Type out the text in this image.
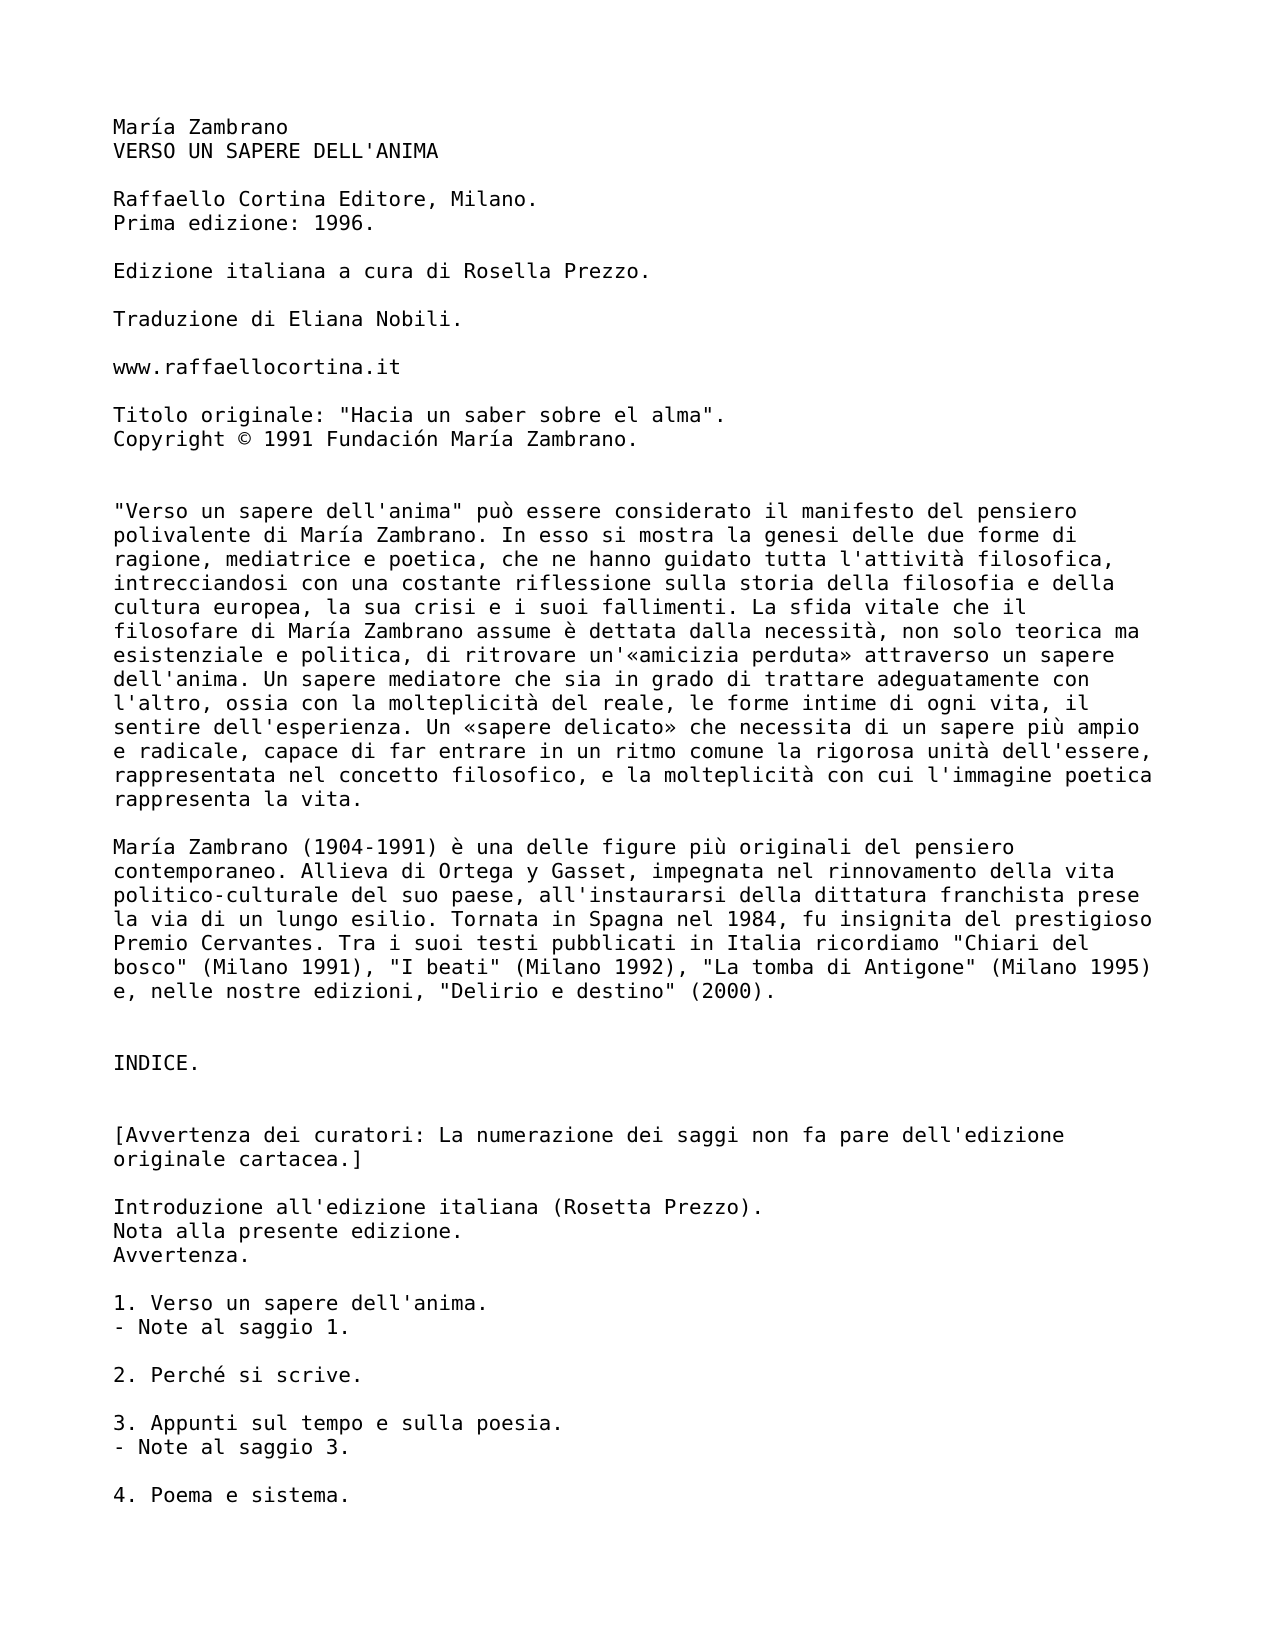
María Zambrano
VERSO UN SAPERE DELL'ANIMA
Raffaello Cortina Editore, Milano.
Prima edizione: 1996.
Edizione italiana a cura di Rosella Prezzo.
Traduzione di Eliana Nobili.
www.raffaellocortina.it
Titolo originale: "Hacia un saber sobre el alma".
Copyright © 1991 Fundación María Zambrano.
"Verso un sapere dell'anima" può essere considerato il manifesto del pensiero
polivalente di María Zambrano. In esso si mostra la genesi delle due forme di
ragione, mediatrice e poetica, che ne hanno guidato tutta l'attività filosofica,
intrecciandosi con una costante riflessione sulla storia della filosofia e della
cultura europea, la sua crisi e i suoi fallimenti. La sfida vitale che il
filosofare di María Zambrano assume è dettata dalla necessità, non solo teorica ma
esistenziale e politica, di ritrovare un'«amicizia perduta» attraverso un sapere
dell'anima. Un sapere mediatore che sia in grado di trattare adeguatamente con
l'altro, ossia con la molteplicità del reale, le forme intime di ogni vita, il
sentire dell'esperienza. Un «sapere delicato» che necessita di un sapere più ampio
e radicale, capace di far entrare in un ritmo comune la rigorosa unità dell'essere,
rappresentata nel concetto filosofico, e la molteplicità con cui l'immagine poetica
rappresenta la vita.
María Zambrano (1904-1991) è una delle figure più originali del pensiero
contemporaneo. Allieva di Ortega y Gasset, impegnata nel rinnovamento della vita
politico-culturale del suo paese, all'instaurarsi della dittatura franchista prese
la via di un lungo esilio. Tornata in Spagna nel 1984, fu insignita del prestigioso
Premio Cervantes. Tra i suoi testi pubblicati in Italia ricordiamo "Chiari del
bosco" (Milano 1991), "I beati" (Milano 1992), "La tomba di Antigone" (Milano 1995)
e, nelle nostre edizioni, "Delirio e destino" (2000).
INDICE.
[Avvertenza dei curatori: La numerazione dei saggi non fa pare dell'edizione
originale cartacea.]
Introduzione all'edizione italiana (Rosetta Prezzo).
Nota alla presente edizione.
Avvertenza.
1. Verso un sapere dell'anima.
- Note al saggio 1.
2. Perché si scrive.
3. Appunti sul tempo e sulla poesia.
- Note al saggio 3.
4. Poema e sistema.
